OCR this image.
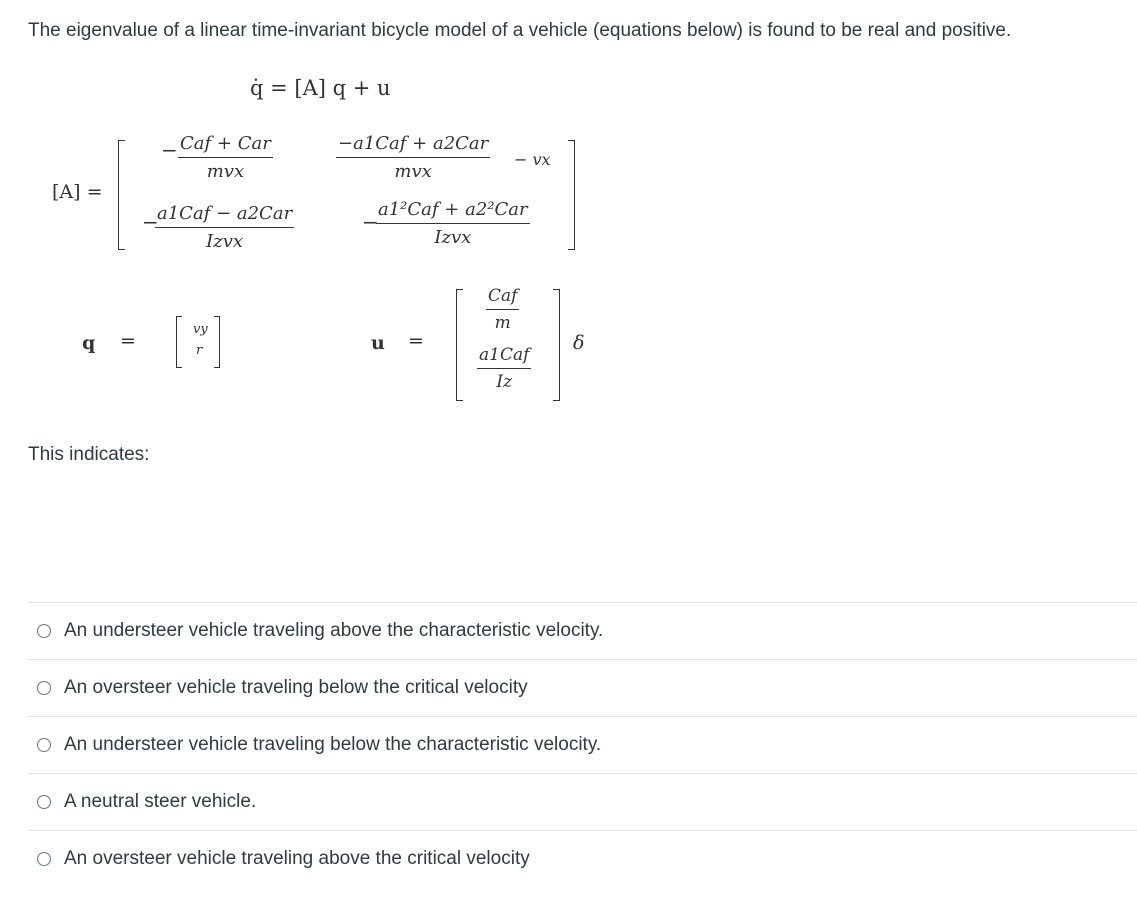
The eigenvalue of a linear time-invariant bicycle model of a vehicle (equations below) is found to be real and positive.
q̇ = [A] q + u
[A] =
− Caf + Car
mvx
−a1Caf + a2Car
mvx
− vx
−
a1Caf − a2Car
Izvx
−
a1²Caf + a2²Car
Izvx
q =
vy
r	u =
Caf
m
a1Caf
Iz
δ
This indicates:
An understeer vehicle traveling above the characteristic velocity.
An oversteer vehicle traveling below the critical velocity
An understeer vehicle traveling below the characteristic velocity.
A neutral steer vehicle.
An oversteer vehicle traveling above the critical velocity
